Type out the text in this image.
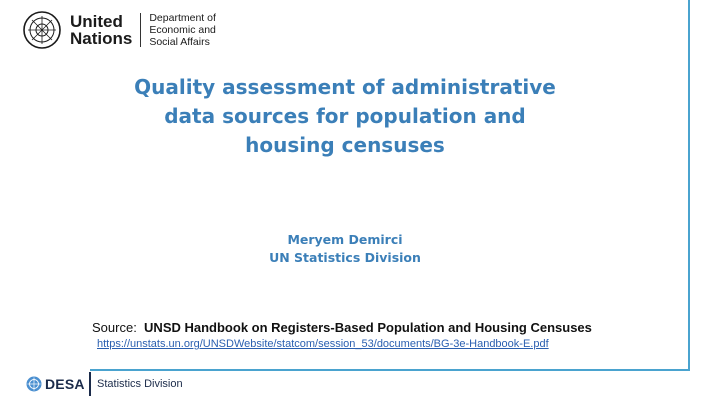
United
Nations
Department of
Economic and
Social Affairs
Quality assessment of administrative
data sources for population and
housing censuses
Meryem Demirci
UN Statistics Division
Source: UNSD Handbook on Registers-Based Population and Housing Censuses
https://unstats.un.org/UNSDWebsite/statcom/session_53/documents/BG-3e-Handbook-E.pdf
DESA Statistics Division
